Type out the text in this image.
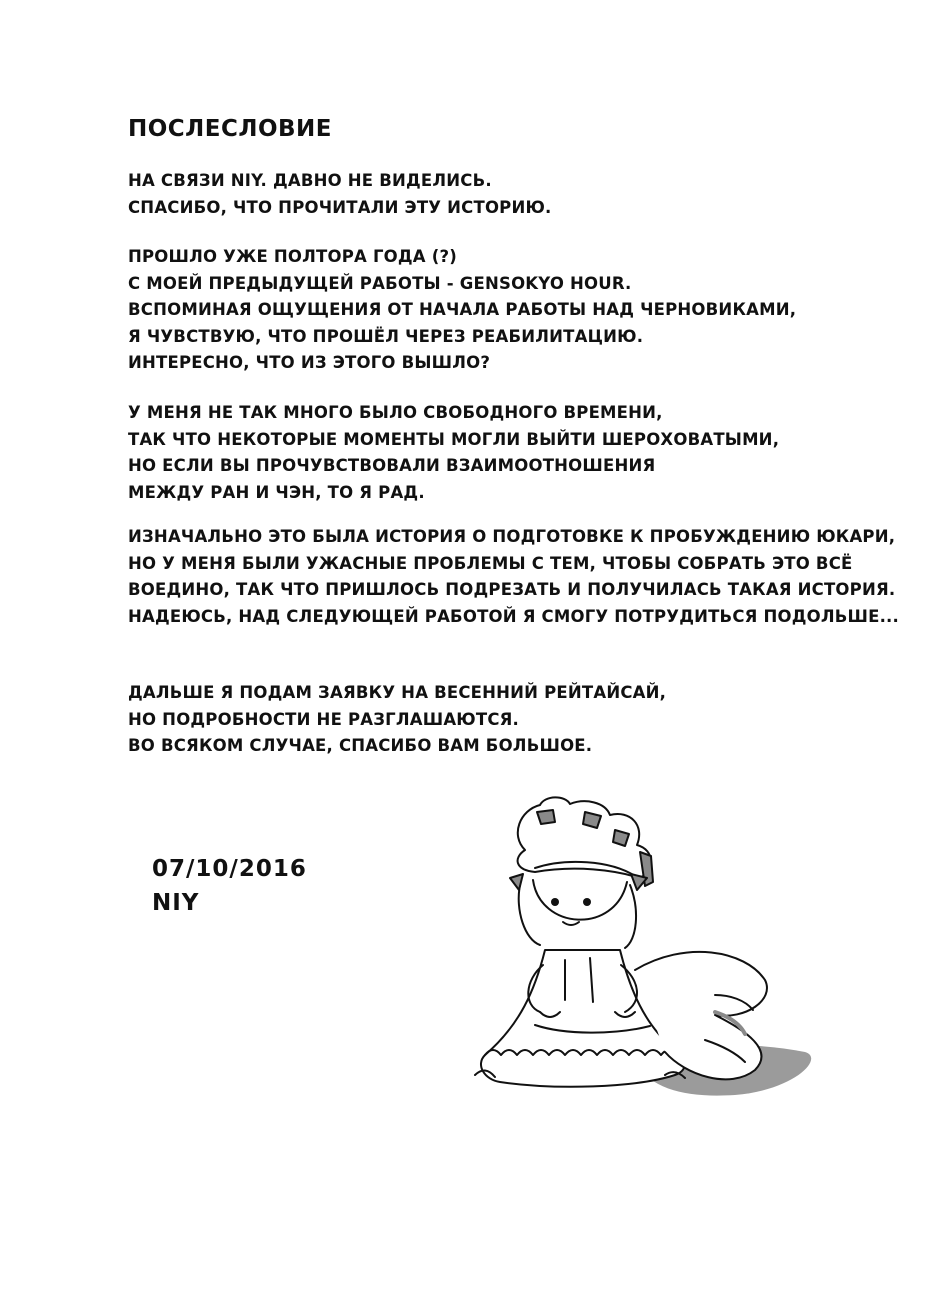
ПОСЛЕСЛОВИЕ
НА СВЯЗИ NIY. ДАВНО НЕ ВИДЕЛИСЬ.
СПАСИБО, ЧТО ПРОЧИТАЛИ ЭТУ ИСТОРИЮ.
ПРОШЛО УЖЕ ПОЛТОРА ГОДА (?)
С МОЕЙ ПРЕДЫДУЩЕЙ РАБОТЫ - GENSOKYO HOUR.
ВСПОМИНАЯ ОЩУЩЕНИЯ ОТ НАЧАЛА РАБОТЫ НАД ЧЕРНОВИКАМИ,
Я ЧУВСТВУЮ, ЧТО ПРОШЁЛ ЧЕРЕЗ РЕАБИЛИТАЦИЮ.
ИНТЕРЕСНО, ЧТО ИЗ ЭТОГО ВЫШЛО?
У МЕНЯ НЕ ТАК МНОГО БЫЛО СВОБОДНОГО ВРЕМЕНИ,
ТАК ЧТО НЕКОТОРЫЕ МОМЕНТЫ МОГЛИ ВЫЙТИ ШЕРОХОВАТЫМИ,
НО ЕСЛИ ВЫ ПРОЧУВСТВОВАЛИ ВЗАИМООТНОШЕНИЯ
МЕЖДУ РАН И ЧЭН, ТО Я РАД.
ИЗНАЧАЛЬНО ЭТО БЫЛА ИСТОРИЯ О ПОДГОТОВКЕ К ПРОБУЖДЕНИЮ ЮКАРИ,
НО У МЕНЯ БЫЛИ УЖАСНЫЕ ПРОБЛЕМЫ С ТЕМ, ЧТОБЫ СОБРАТЬ ЭТО ВСЁ
ВОЕДИНО, ТАК ЧТО ПРИШЛОСЬ ПОДРЕЗАТЬ И ПОЛУЧИЛАСЬ ТАКАЯ ИСТОРИЯ.
НАДЕЮСЬ, НАД СЛЕДУЮЩЕЙ РАБОТОЙ Я СМОГУ ПОТРУДИТЬСЯ ПОДОЛЬШЕ...
ДАЛЬШЕ Я ПОДАМ ЗАЯВКУ НА ВЕСЕННИЙ РЕЙТАЙСАЙ,
НО ПОДРОБНОСТИ НЕ РАЗГЛАШАЮТСЯ.
ВО ВСЯКОМ СЛУЧАЕ, СПАСИБО ВАМ БОЛЬШОЕ.
07/10/2016
NIY
